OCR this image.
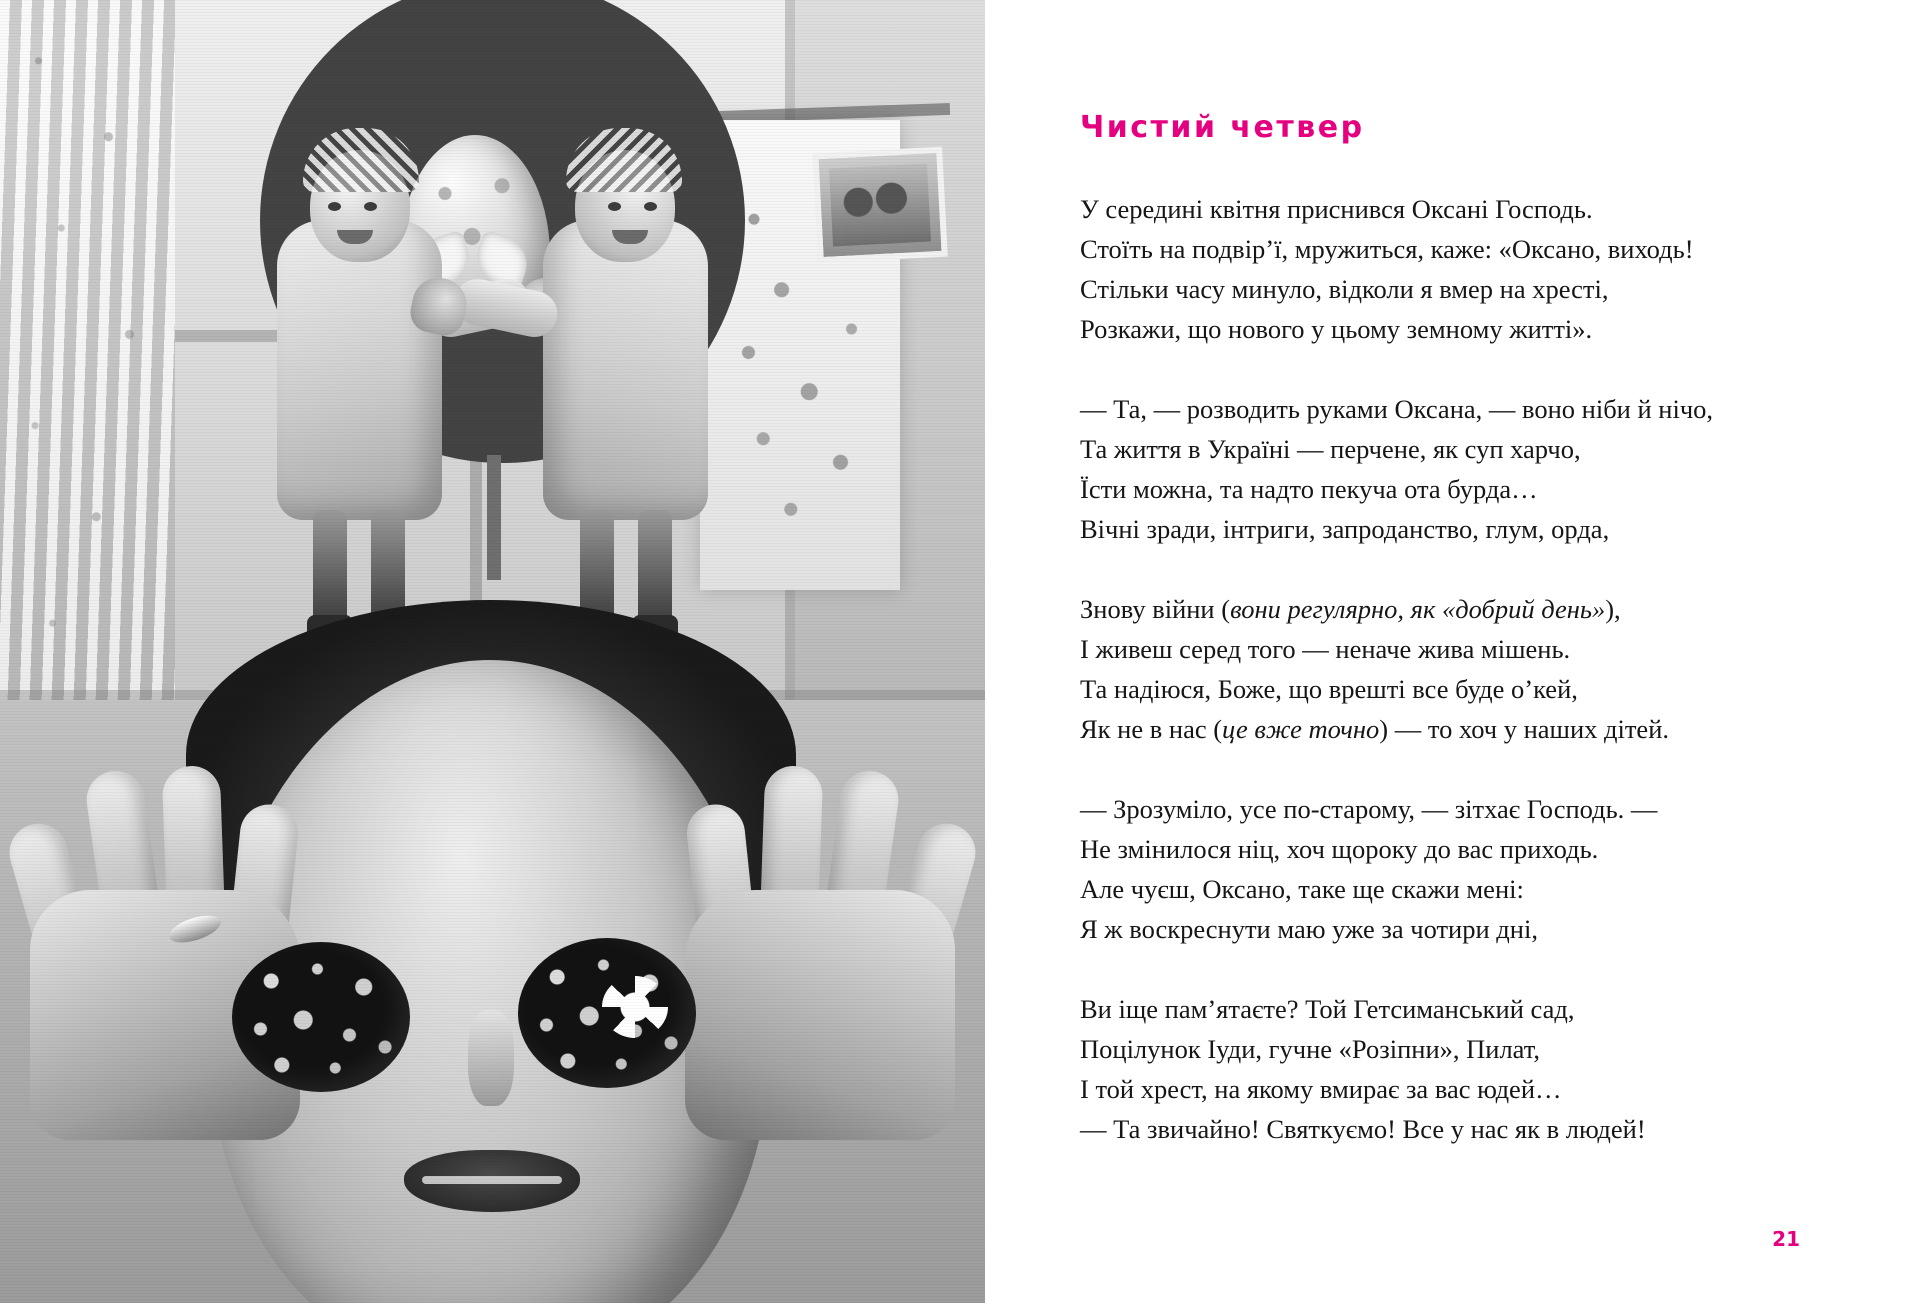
Чистий четвер

У середині квітня приснився Оксані Господь.
Стоїть на подвір’ї, мружиться, каже: «Оксано, виходь!
Стільки часу минуло, відколи я вмер на хресті,
Розкажи, що нового у цьому земному житті».

— Та, — розводить руками Оксана, — воно ніби й нічо,
Та життя в Україні — перчене, як суп харчо,
Їсти можна, та надто пекуча ота бурда…
Вічні зради, інтриги, запроданство, глум, орда,

Знову війни (вони регулярно, як «добрий день»),
І живеш серед того — неначе жива мішень.
Та надіюся, Боже, що врешті все буде о’кей,
Як не в нас (це вже точно) — то хоч у наших дітей.

— Зрозуміло, усе по-старому, — зітхає Господь. —
Не змінилося ніц, хоч щороку до вас приходь.
Але чуєш, Оксано, таке ще скажи мені:
Я ж воскреснути маю уже за чотири дні,

Ви іще пам’ятаєте? Той Гетсиманський сад,
Поцілунок Іуди, гучне «Розіпни», Пилат,
І той хрест, на якому вмирає за вас юдей…
— Та звичайно! Святкуємо! Все у нас як в людей!

21
